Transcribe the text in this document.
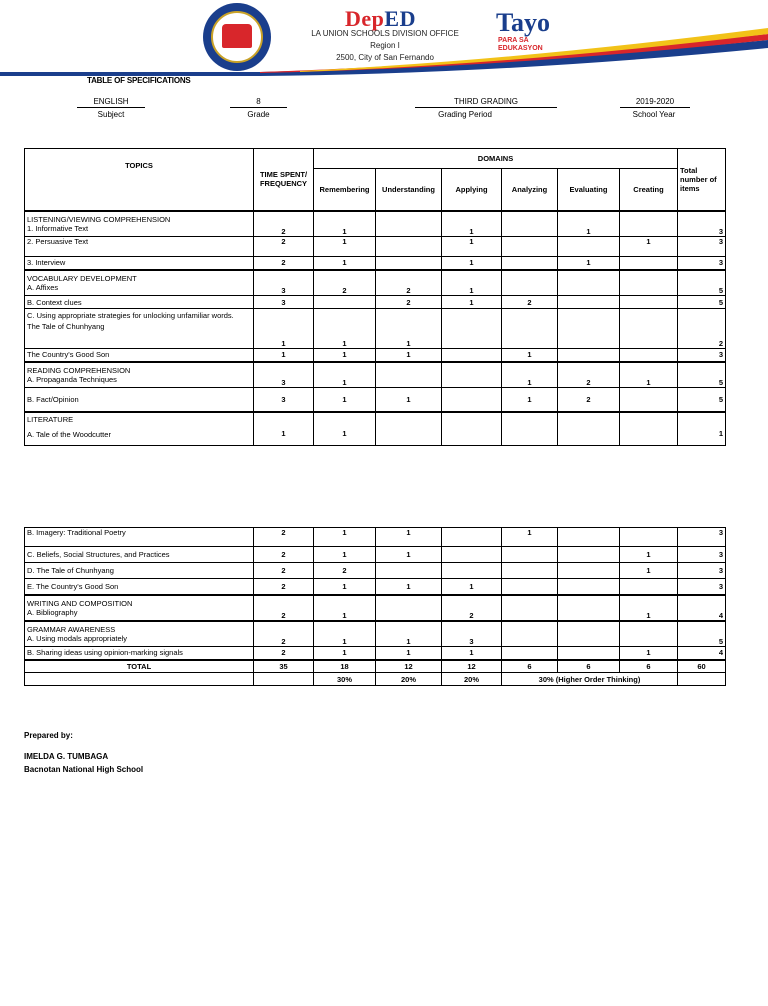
DepED
LA UNION SCHOOLS DIVISION OFFICE
Region I
2500, City of San Fernando
Tayo
PARA SA
EDUKASYON
TABLE OF SPECIFICATIONS
ENGLISH
Subject
8
Grade
THIRD GRADING
Grading Period
2019-2020
School Year
TOPICS	TIME SPENT/ FREQUENCY	DOMAINS						Total number of items
		Remembering	Understanding	Applying	Analyzing	Evaluating	Creating	

LISTENING/VIEWING COMPREHENSION
1. Informative Text	2	1		1		1		3
2. Persuasive Text	2	1		1			1	3
3. Interview	2	1		1		1		3

VOCABULARY DEVELOPMENT
A. Affixes	3	2	2	1				5
B. Context clues	3		2	1	2			5

C. Using appropriate strategies for unlocking unfamiliar words.
The Tale of Chunhyang	1	1	1					2
The Country's Good Son	1	1	1		1			3

READING COMPREHENSION
A. Propaganda Techniques	3	1			1	2	1	5
B. Fact/Opinion	3	1	1		1	2		5

LITERATURE
A. Tale of the Woodcutter	1	1						1
B. Imagery: Traditional Poetry	2	1	1		1			3
C. Beliefs, Social Structures, and Practices	2	1	1				1	3
D. The Tale of Chunhyang	2	2					1	3
E. The Country's Good Son	2	1	1	1				3

WRITING AND COMPOSITION
A. Bibliography	2	1		2			1	4

GRAMMAR AWARENESS
A. Using modals appropriately	2	1	1	3				5
B. Sharing ideas using opinion-marking signals	2	1	1	1			1	4
TOTAL	35	18	12	12	6	6	6	60
		30%	20%	20%	30% (Higher Order Thinking)			
Prepared by:
IMELDA G. TUMBAGA
Bacnotan National High School
